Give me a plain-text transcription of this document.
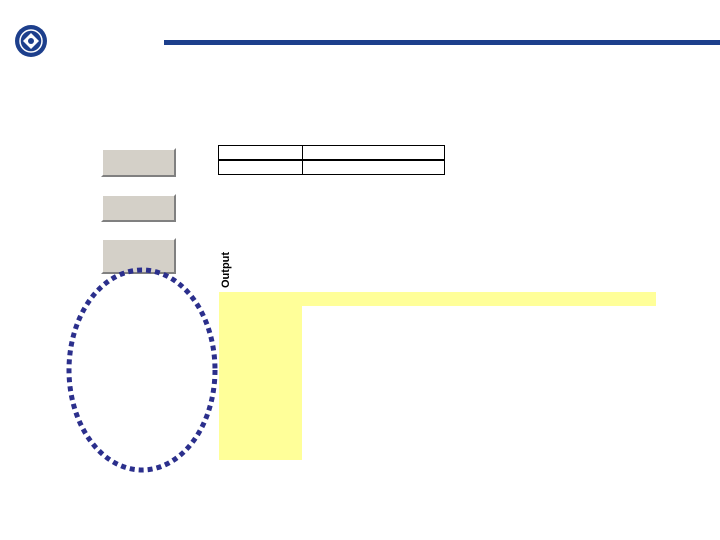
Output
